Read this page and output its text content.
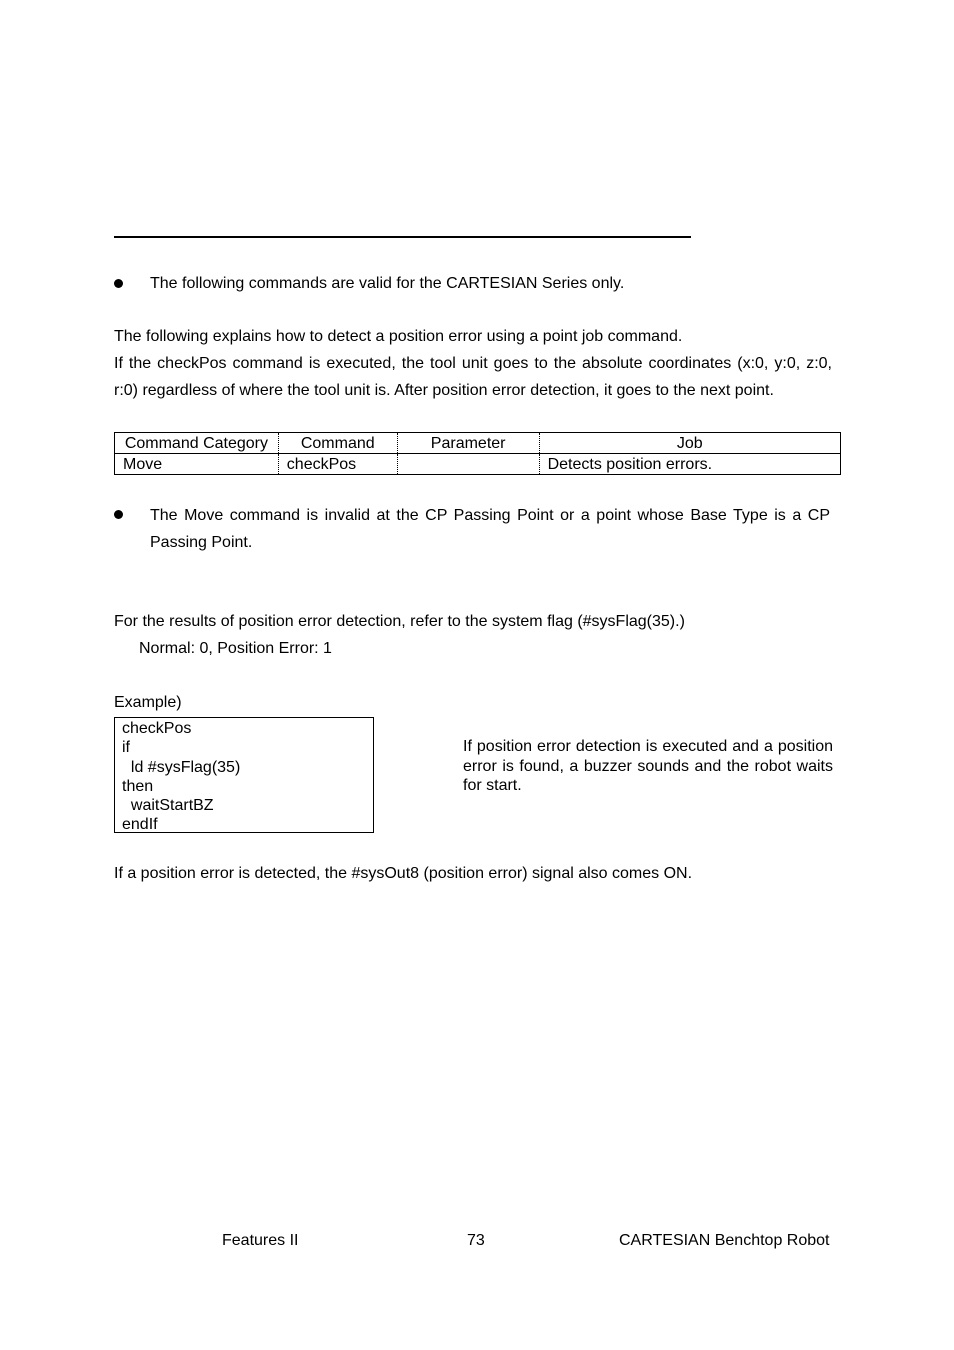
The following commands are valid for the CARTESIAN Series only.
The following explains how to detect a position error using a point job command.
If the checkPos command is executed, the tool unit goes to the absolute coordinates (x:0, y:0, z:0, r:0) regardless of where the tool unit is. After position error detection, it goes to the next point.
Command Category	Command	Parameter	Job
Move	checkPos		Detects position errors.
The Move command is invalid at the CP Passing Point or a point whose Base Type is a CP Passing Point.
For the results of position error detection, refer to the system flag (#sysFlag(35).)
Normal: 0, Position Error: 1
Example)
checkPos
if
ld #sysFlag(35)
then
waitStartBZ
endIf
If position error detection is executed and a position error is found, a buzzer sounds and the robot waits for start.
If a position error is detected, the #sysOut8 (position error) signal also comes ON.
Features II	73	CARTESIAN Benchtop Robot
